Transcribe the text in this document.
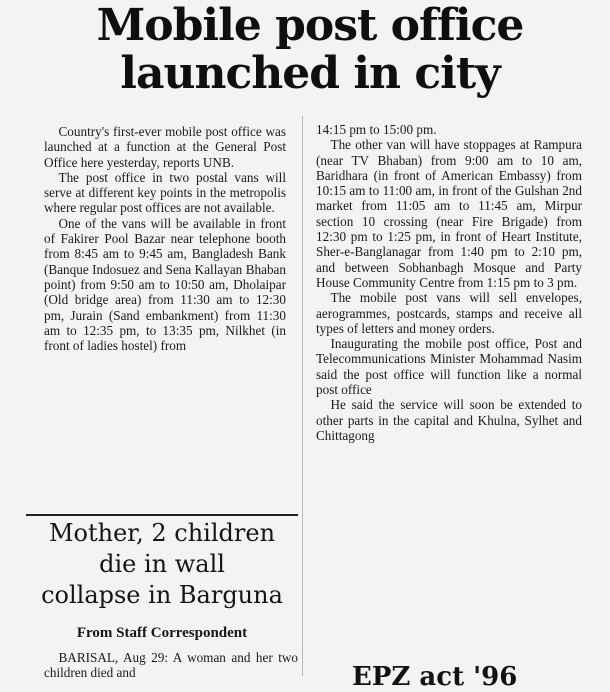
Mobile post office
launched in city

Country's first-ever mobile post office was launched at a function at the General Post Office here yesterday, reports UNB.

The post office in two postal vans will serve at different key points in the metropolis where regular post offices are not available.

One of the vans will be available in front of Fakirer Pool Bazar near telephone booth from 8:45 am to 9:45 am, Bangladesh Bank (Banque Indosuez and Sena Kallayan Bhaban point) from 9:50 am to 10:50 am, Dholaipar (Old bridge area) from 11:30 am to 12:30 pm, Jurain (Sand embankment) from 11:30 am to 12:35 pm, to 13:35 pm, Nilkhet (in front of ladies hostel) from

14:15 pm to 15:00 pm.

The other van will have stoppages at Rampura (near TV Bhaban) from 9:00 am to 10 am, Baridhara (in front of American Embassy) from 10:15 am to 11:00 am, in front of the Gulshan 2nd market from 11:05 am to 11:45 am, Mirpur section 10 crossing (near Fire Brigade) from 12:30 pm to 1:25 pm, in front of Heart Institute, Sher-e-Banglanagar from 1:40 pm to 2:10 pm, and between Sobhanbagh Mosque and Party House Community Centre from 1:15 pm to 3 pm.

The mobile post vans will sell envelopes, aerogrammes, postcards, stamps and receive all types of letters and money orders.

Inaugurating the mobile post office, Post and Telecommunications Minister Mohammad Nasim said the post office will function like a normal post office

He said the service will soon be extended to other parts in the capital and Khulna, Sylhet and Chittagong

Mother, 2 children
die in wall
collapse in Barguna
From Staff Correspondent

BARISAL, Aug 29: A woman and her two children died and	EPZ act '96
